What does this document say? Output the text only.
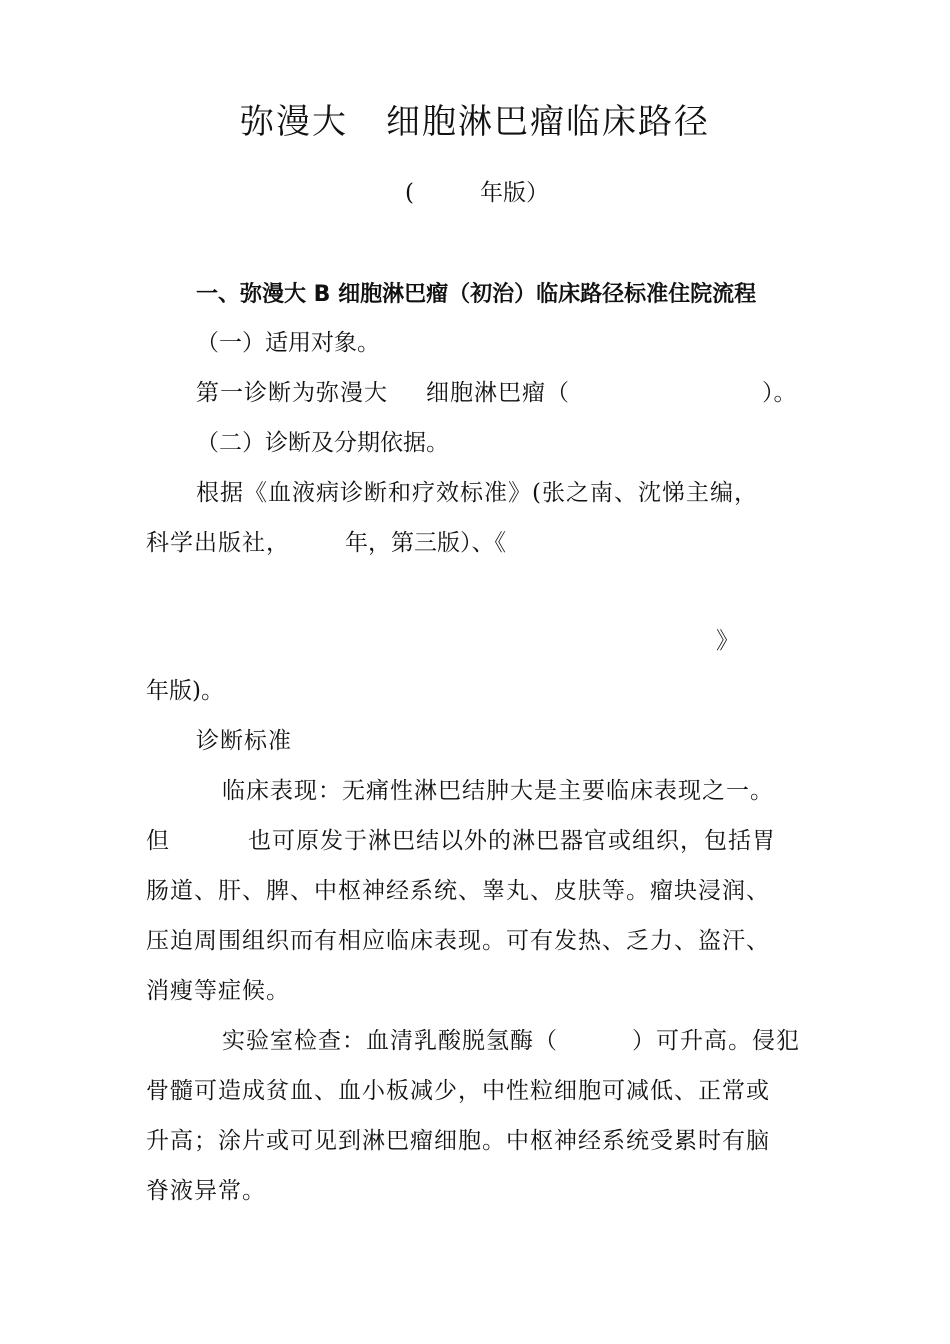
弥漫大 细胞淋巴瘤临床路径
(	年版）
一、弥漫大 B 细胞淋巴瘤（初治）临床路径标准住院流程
（一）适用对象。
第一诊断为弥漫大 细胞淋巴瘤（	）。
（二）诊断及分期依据。
根据《血液病诊断和疗效标准》(张之南、沈悌主编，
科学出版社， 年，第三版）、《
》
年版)。
诊断标准
临床表现：无痛性淋巴结肿大是主要临床表现之一。
但	也可原发于淋巴结以外的淋巴器官或组织，包括胃
肠道、肝、脾、中枢神经系统、睾丸、皮肤等。瘤块浸润、
压迫周围组织而有相应临床表现。可有发热、乏力、盗汗、
消瘦等症候。
实验室检查：血清乳酸脱氢酶（	）可升高。侵犯
骨髓可造成贫血、血小板减少，中性粒细胞可减低、正常或
升高；涂片或可见到淋巴瘤细胞。中枢神经系统受累时有脑
脊液异常。
